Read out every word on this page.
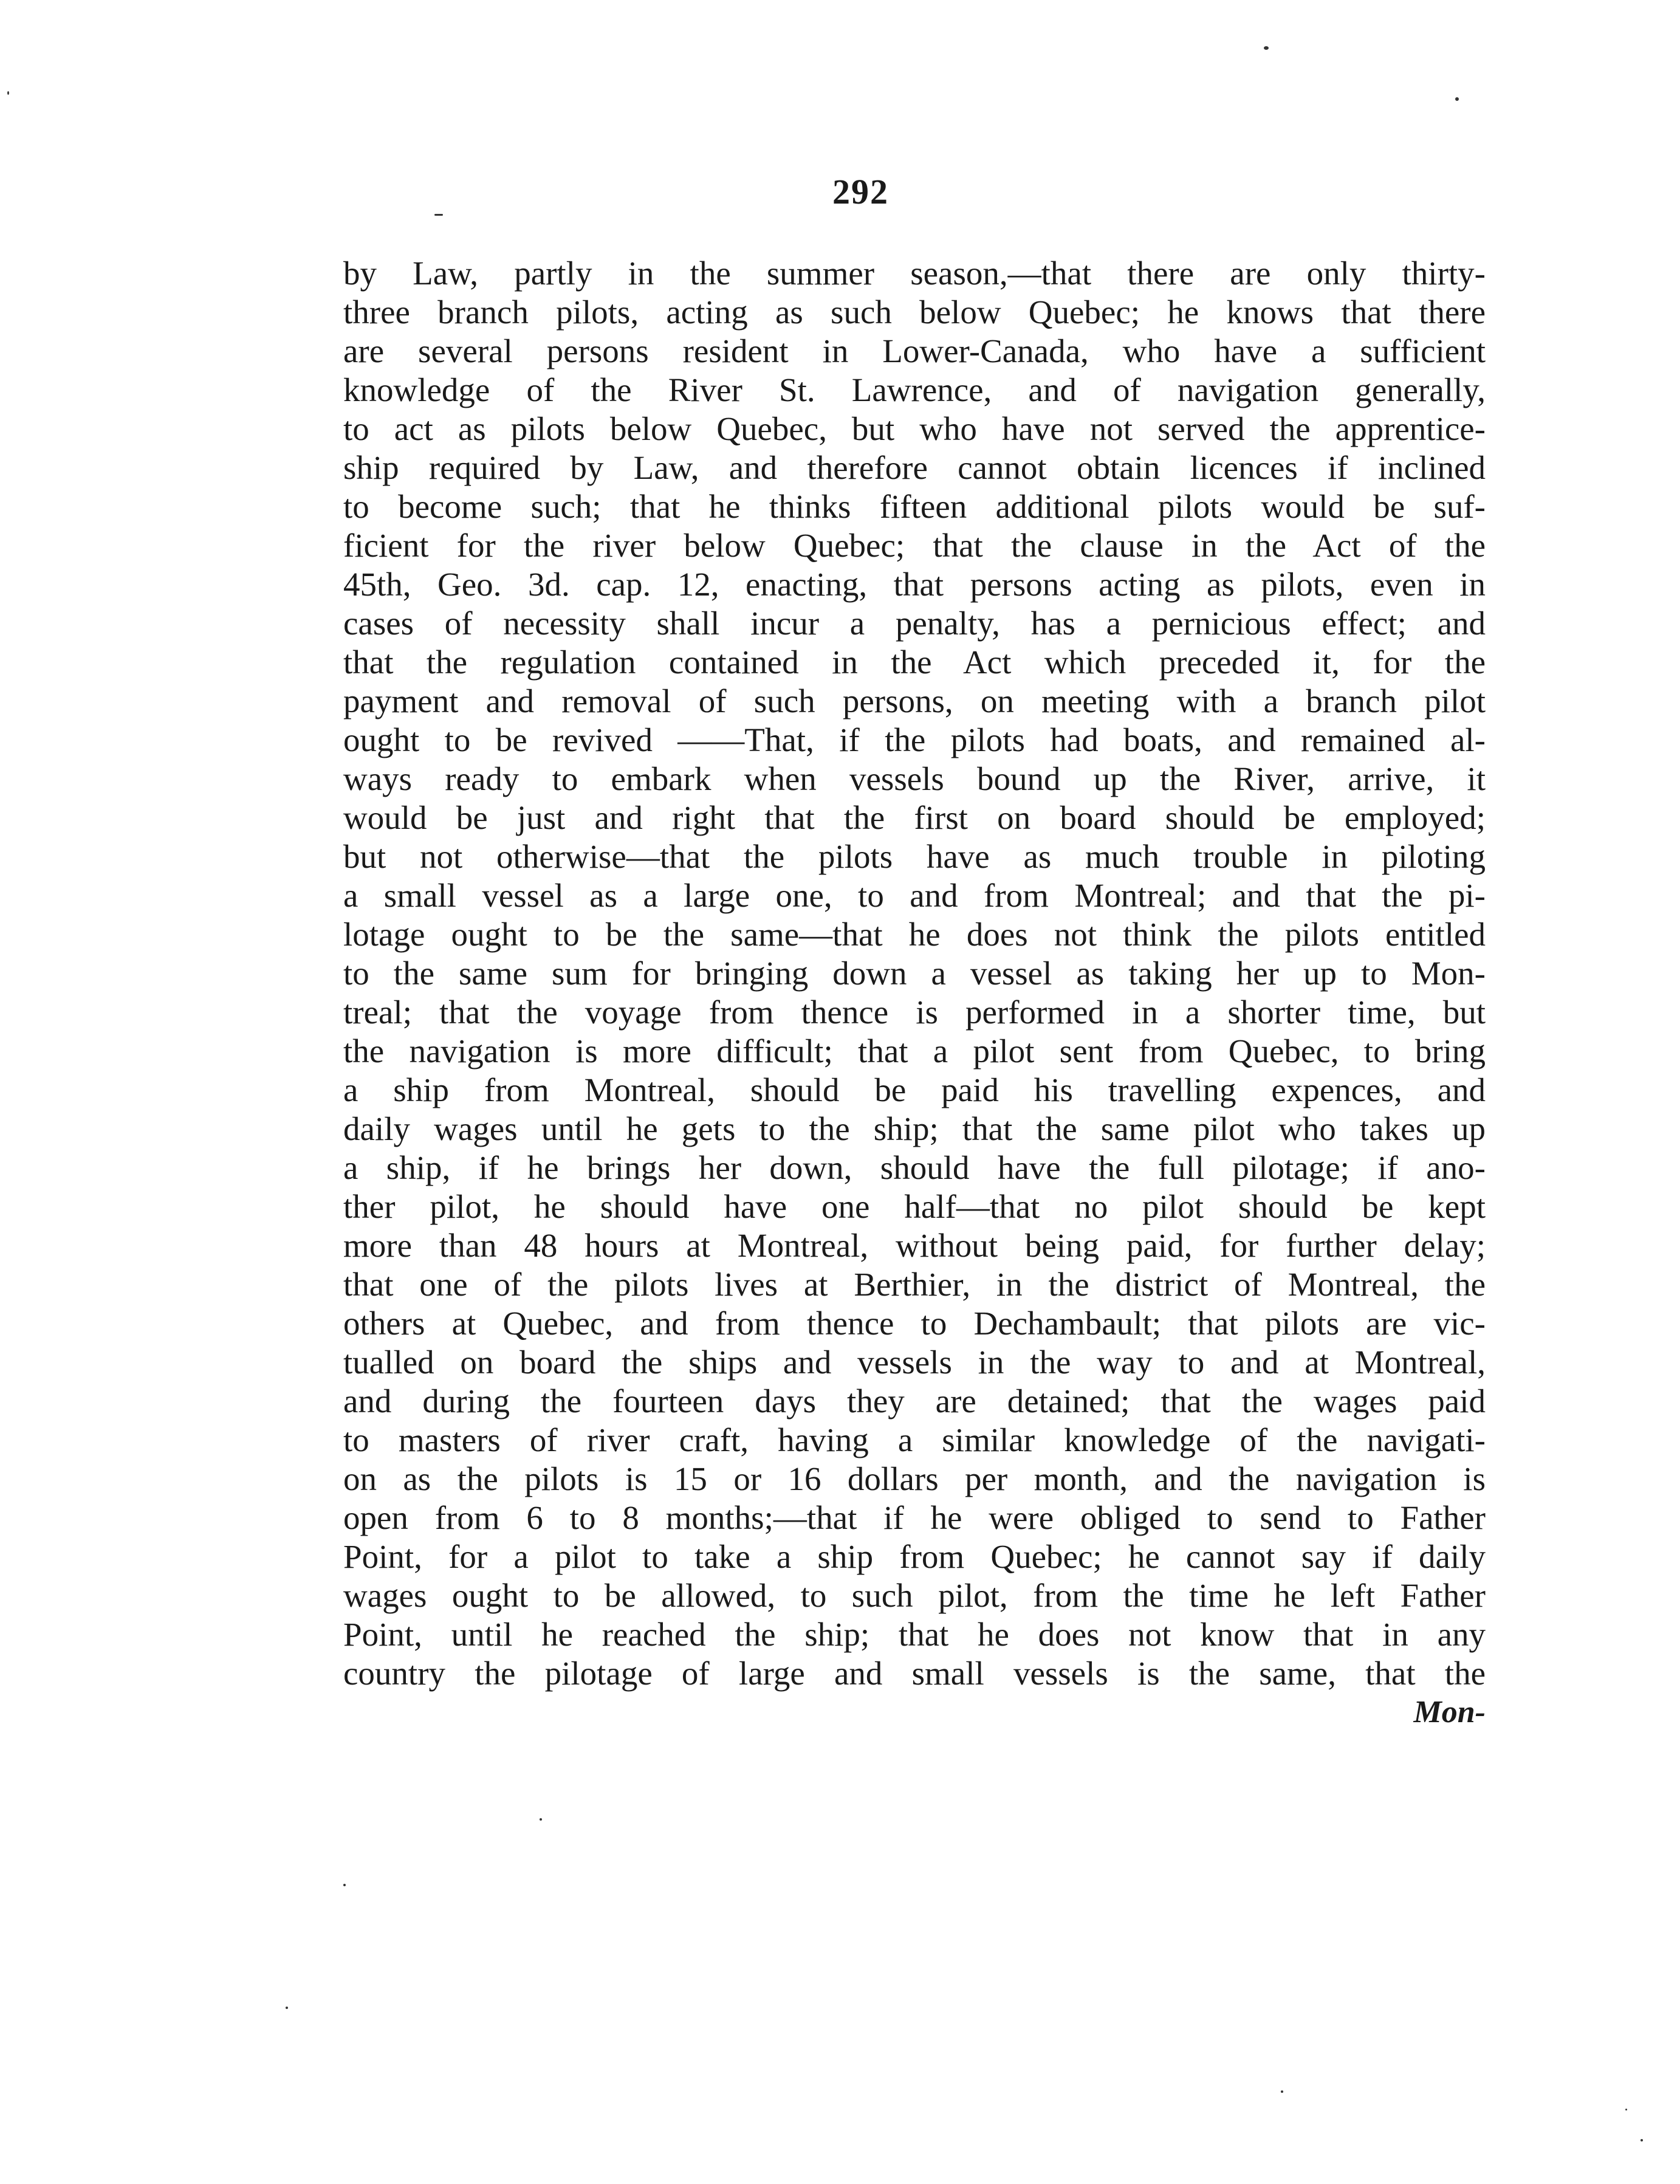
292
by Law, partly in the summer season,—that there are only thirty-
three branch pilots, acting as such below Quebec; he knows that there
are several persons resident in Lower-Canada, who have a sufficient
knowledge of the River St. Lawrence, and of navigation generally,
to act as pilots below Quebec, but who have not served the apprentice-
ship required by Law, and therefore cannot obtain licences if inclined
to become such; that he thinks fifteen additional pilots would be suf-
ficient for the river below Quebec; that the clause in the Act of the
45th, Geo. 3d. cap. 12, enacting, that persons acting as pilots, even in
cases of necessity shall incur a penalty, has a pernicious effect; and
that the regulation contained in the Act which preceded it, for the
payment and removal of such persons, on meeting with a branch pilot
ought to be revived ——That, if the pilots had boats, and remained al-
ways ready to embark when vessels bound up the River, arrive, it
would be just and right that the first on board should be employed;
but not otherwise—that the pilots have as much trouble in piloting
a small vessel as a large one, to and from Montreal; and that the pi-
lotage ought to be the same—that he does not think the pilots entitled
to the same sum for bringing down a vessel as taking her up to Mon-
treal; that the voyage from thence is performed in a shorter time, but
the navigation is more difficult; that a pilot sent from Quebec, to bring
a ship from Montreal, should be paid his travelling expences, and
daily wages until he gets to the ship; that the same pilot who takes up
a ship, if he brings her down, should have the full pilotage; if ano-
ther pilot, he should have one half—that no pilot should be kept
more than 48 hours at Montreal, without being paid, for further delay;
that one of the pilots lives at Berthier, in the district of Montreal, the
others at Quebec, and from thence to Dechambault; that pilots are vic-
tualled on board the ships and vessels in the way to and at Montreal,
and during the fourteen days they are detained; that the wages paid
to masters of river craft, having a similar knowledge of the navigati-
on as the pilots is 15 or 16 dollars per month, and the navigation is
open from 6 to 8 months;—that if he were obliged to send to Father
Point, for a pilot to take a ship from Quebec; he cannot say if daily
wages ought to be allowed, to such pilot, from the time he left Father
Point, until he reached the ship; that he does not know that in any
country the pilotage of large and small vessels is the same, that the
Mon-
